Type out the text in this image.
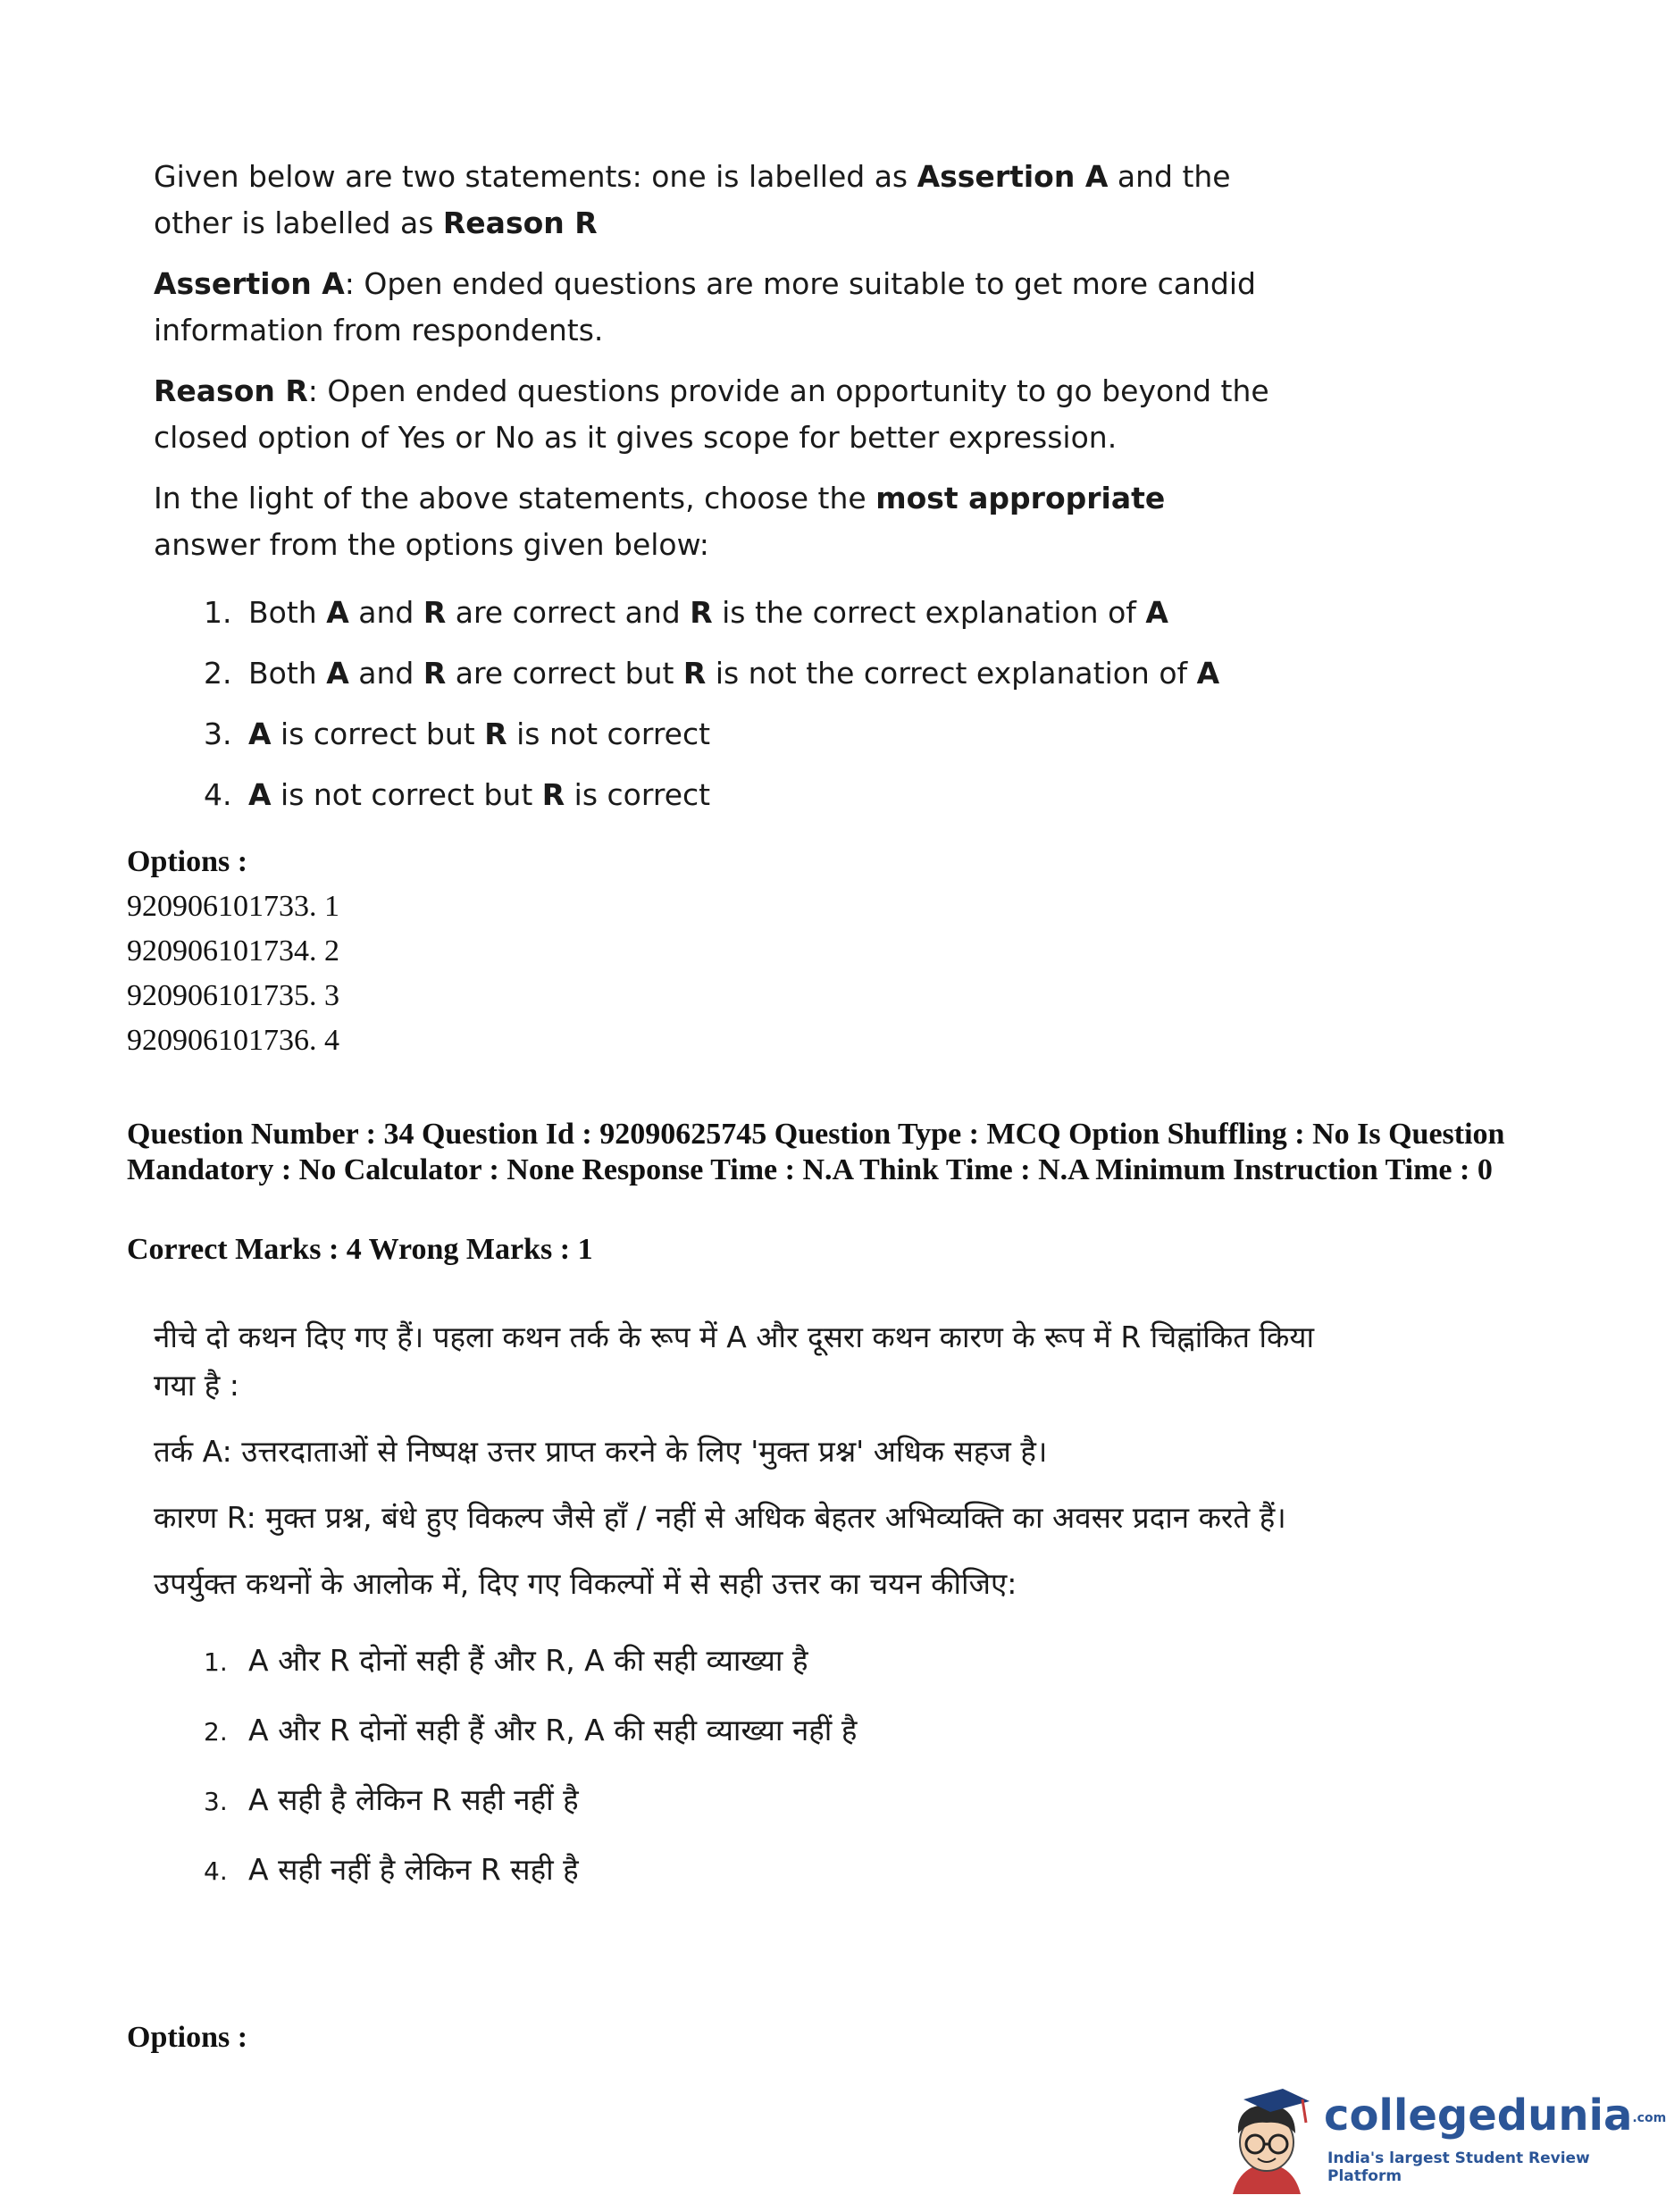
Given below are two statements: one is labelled as Assertion A and the other is labelled as Reason R

Assertion A: Open ended questions are more suitable to get more candid information from respondents.

Reason R: Open ended questions provide an opportunity to go beyond the closed option of Yes or No as it gives scope for better expression.

In the light of the above statements, choose the most appropriate answer from the options given below:

1. Both A and R are correct and R is the correct explanation of A
2. Both A and R are correct but R is not the correct explanation of A
3. A is correct but R is not correct
4. A is not correct but R is correct
Options :
920906101733. 1
920906101734. 2
920906101735. 3
920906101736. 4
Question Number : 34 Question Id : 92090625745 Question Type : MCQ Option Shuffling : No Is Question Mandatory : No Calculator : None Response Time : N.A Think Time : N.A Minimum Instruction Time : 0
Correct Marks : 4 Wrong Marks : 1

नीचे दो कथन दिए गए हैं। पहला कथन तर्क के रूप में A और दूसरा कथन कारण के रूप में R चिह्नांकित किया गया है :

तर्क A: उत्तरदाताओं से निष्पक्ष उत्तर प्राप्त करने के लिए 'मुक्त प्रश्न' अधिक सहज है।

कारण R: मुक्त प्रश्न, बंधे हुए विकल्प जैसे हाँ / नहीं से अधिक बेहतर अभिव्यक्ति का अवसर प्रदान करते हैं।

उपर्युक्त कथनों के आलोक में, दिए गए विकल्पों में से सही उत्तर का चयन कीजिए:

1. A और R दोनों सही हैं और R, A की सही व्याख्या है
2. A और R दोनों सही हैं और R, A की सही व्याख्या नहीं है
3. A सही है लेकिन R सही नहीं है
4. A सही नहीं है लेकिन R सही है
Options :
collegedunia.com
India's largest Student Review Platform
